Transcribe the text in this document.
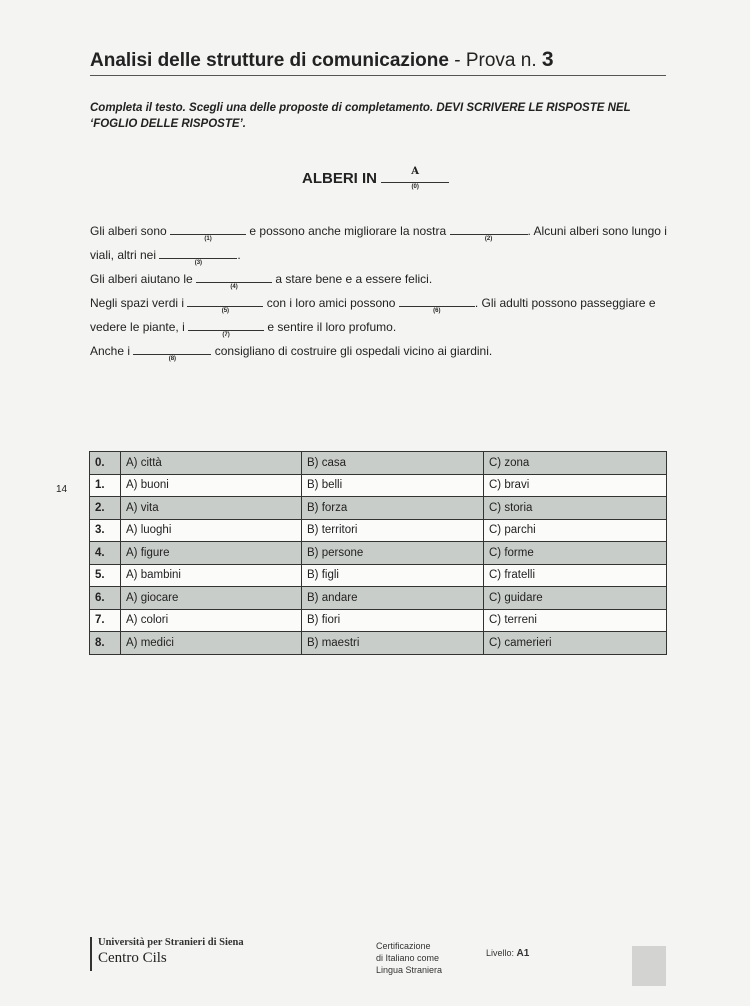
Analisi delle strutture di comunicazione - Prova n. 3
Completa il testo. Scegli una delle proposte di completamento. DEVI SCRIVERE LE RISPOSTE NEL ‘FOGLIO DELLE RISPOSTE’.
ALBERI IN	A
(0)
Gli alberi sono
(1)
e possono anche migliorare la nostra
(2)
. Alcuni alberi sono lungo i
viali, altri nei
(3)
.
Gli alberi aiutano le
(4)
a stare bene e a essere felici.
Negli spazi verdi i
(5)
con i loro amici possono
(6)
. Gli adulti possono passeggiare e
vedere le piante, i
(7)
e sentire il loro profumo.
Anche i
(8)
consigliano di costruire gli ospedali vicino ai giardini.
14
0.	A) città	B) casa	C) zona
1.	A) buoni	B) belli	C) bravi
2.	A) vita	B) forza	C) storia
3.	A) luoghi	B) territori	C) parchi
4.	A) figure	B) persone	C) forme
5.	A) bambini	B) figli	C) fratelli
6.	A) giocare	B) andare	C) guidare
7.	A) colori	B) fiori	C) terreni
8.	A) medici	B) maestri	C) camerieri
Università per Stranieri di Siena
Centro Cils
Certificazione
di Italiano come
Lingua Straniera
Livello: A1
